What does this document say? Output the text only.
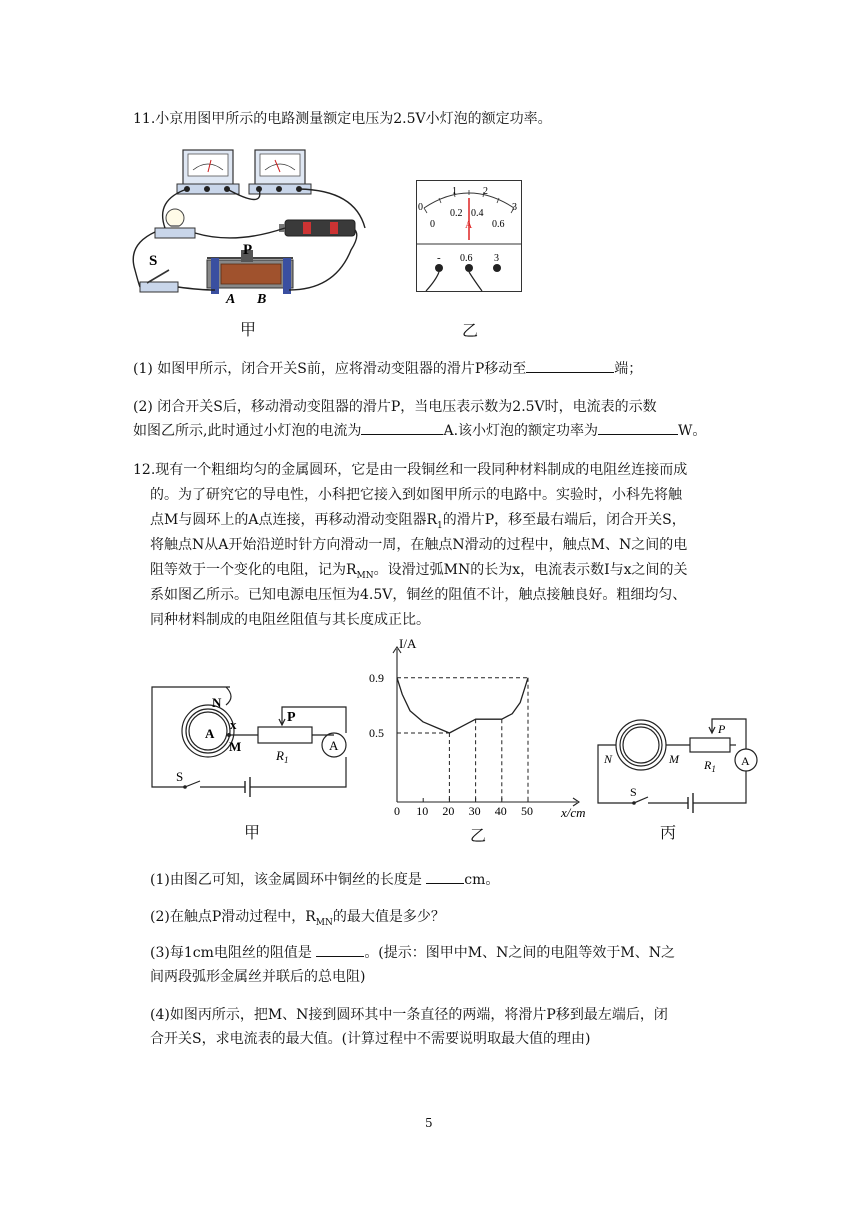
11.小京用图甲所示的电路测量额定电压为2.5V小灯泡的额定功率。
P
S
A B
甲
0
1	2
3
0
0.2 0.4
0.6
A
- 0.6 3
乙
(1) 如图甲所示，闭合开关S前，应将滑动变阻器的滑片P移动至	端；
(2) 闭合开关S后，移动滑动变阻器的滑片P，当电压表示数为2.5V时，电流表的示数
如图乙所示,此时通过小灯泡的电流为	A.该小灯泡的额定功率为	W。
12.现有一个粗细均匀的金属圆环，它是由一段铜丝和一段同种材料制成的电阻丝连接而成
的。为了研究它的导电性，小科把它接入到如图甲所示的电路中。实验时，小科先将触
点M与圆环上的A点连接，再移动滑动变阻器$R_1$的滑片P，移至最右端后，闭合开关S，
将触点N从A开始沿逆时针方向滑动一周，在触点N滑动的过程中，触点M、N之间的电
阻等效于一个变化的电阻，记为$R_{MN}$。设滑过弧MN的长为x，电流表示数I与x之间的关
系如图乙所示。已知电源电压恒为4.5V，铜丝的阻值不计，触点接触良好。粗细均匀、
同种材料制成的电阻丝阻值与其长度成正比。
N
x
A
M
P
$R_1$
A
S
甲
0.5
0.9
0 10 20 30 40 50
I/A
x/cm
乙
N	M
P
$R_1$
A
S
丙
(1)由图乙可知，该金属圆环中铜丝的长度是	cm。
(2)在触点P滑动过程中，$R_{MN}$的最大值是多少？
(3)每1cm电阻丝的阻值是	。(提示：图甲中M、N之间的电阻等效于M、N之
间两段弧形金属丝并联后的总电阻)
(4)如图丙所示，把M、N接到圆环其中一条直径的两端，将滑片P移到最左端后，闭
合开关S，求电流表的最大值。(计算过程中不需要说明取最大值的理由)
5
